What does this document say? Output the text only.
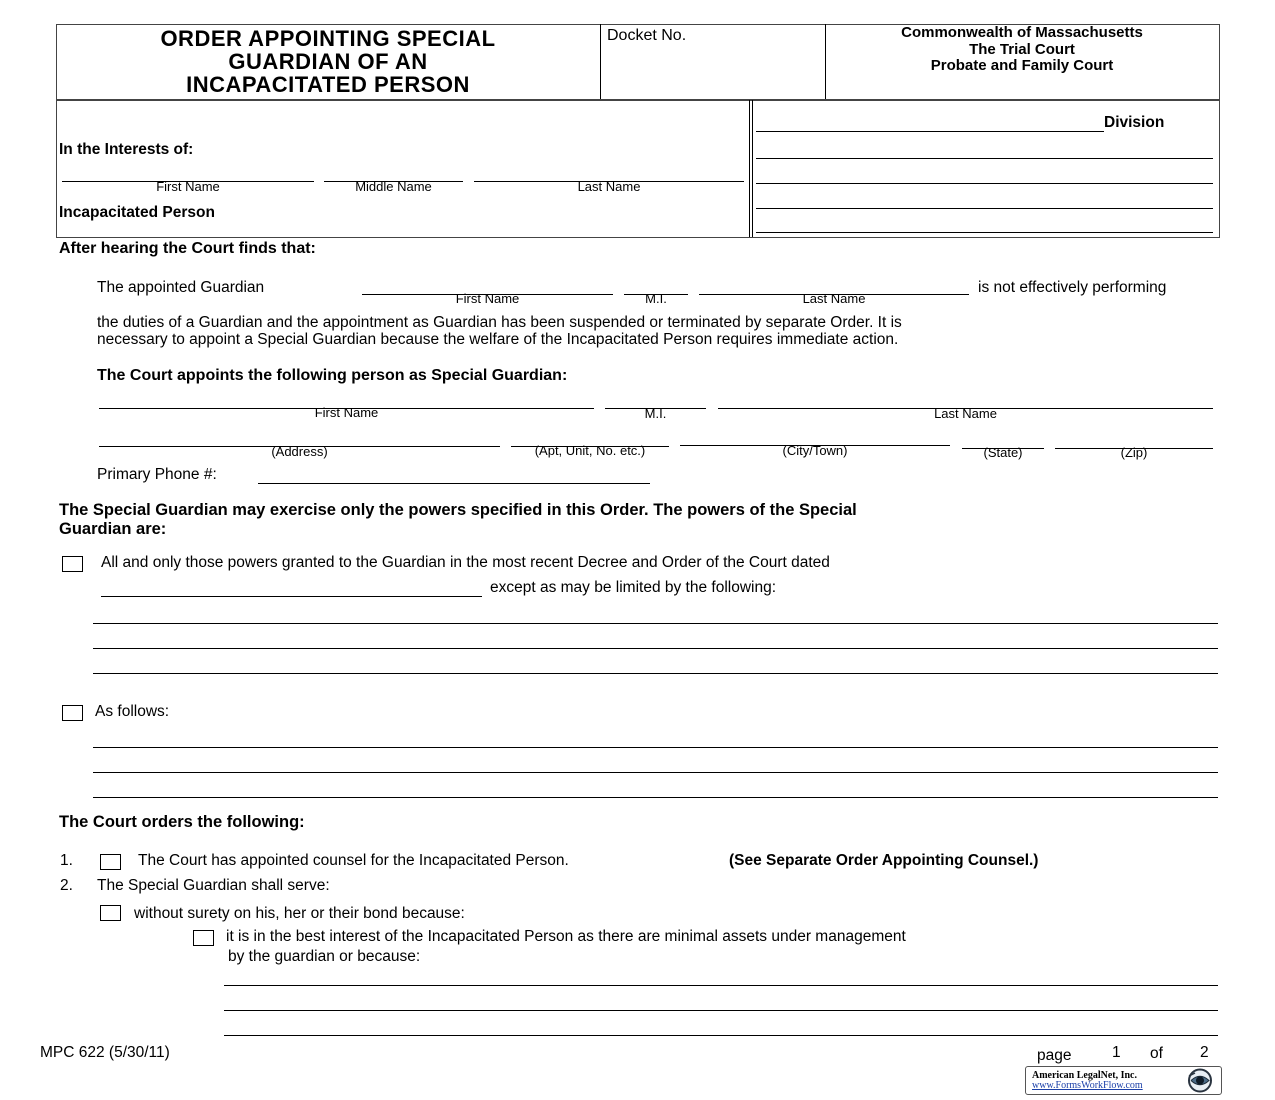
ORDER APPOINTING SPECIAL
GUARDIAN OF AN
INCAPACITATED PERSON
Docket No.	Commonwealth of Massachusetts
The Trial Court
Probate and Family Court
In the Interests of:
First Name	Middle Name	Last Name
Incapacitated Person
Division
After hearing the Court finds that:
The appointed Guardian
First Name	M.I.	Last Name
is not effectively performing
the duties of a Guardian and the appointment as Guardian has been suspended or terminated by separate Order. It is
necessary to appoint a Special Guardian because the welfare of the Incapacitated Person requires immediate action.
The Court appoints the following person as Special Guardian:
First Name	M.I.	Last Name
(Address)	(Apt, Unit, No. etc.)	(City/Town)	(State)	(Zip)
Primary Phone #:
The Special Guardian may exercise only the powers specified in this Order. The powers of the Special
Guardian are:
All and only those powers granted to the Guardian in the most recent Decree and Order of the Court dated
except as may be limited by the following:
As follows:
The Court orders the following:
1.	The Court has appointed counsel for the Incapacitated Person.	(See Separate Order Appointing Counsel.)
2. The Special Guardian shall serve:
without surety on his, her or their bond because:
it is in the best interest of the Incapacitated Person as there are minimal assets under management
by the guardian or because:
MPC 622 (5/30/11)	page	1 of 2
American LegalNet, Inc.
www.FormsWorkFlow.com
